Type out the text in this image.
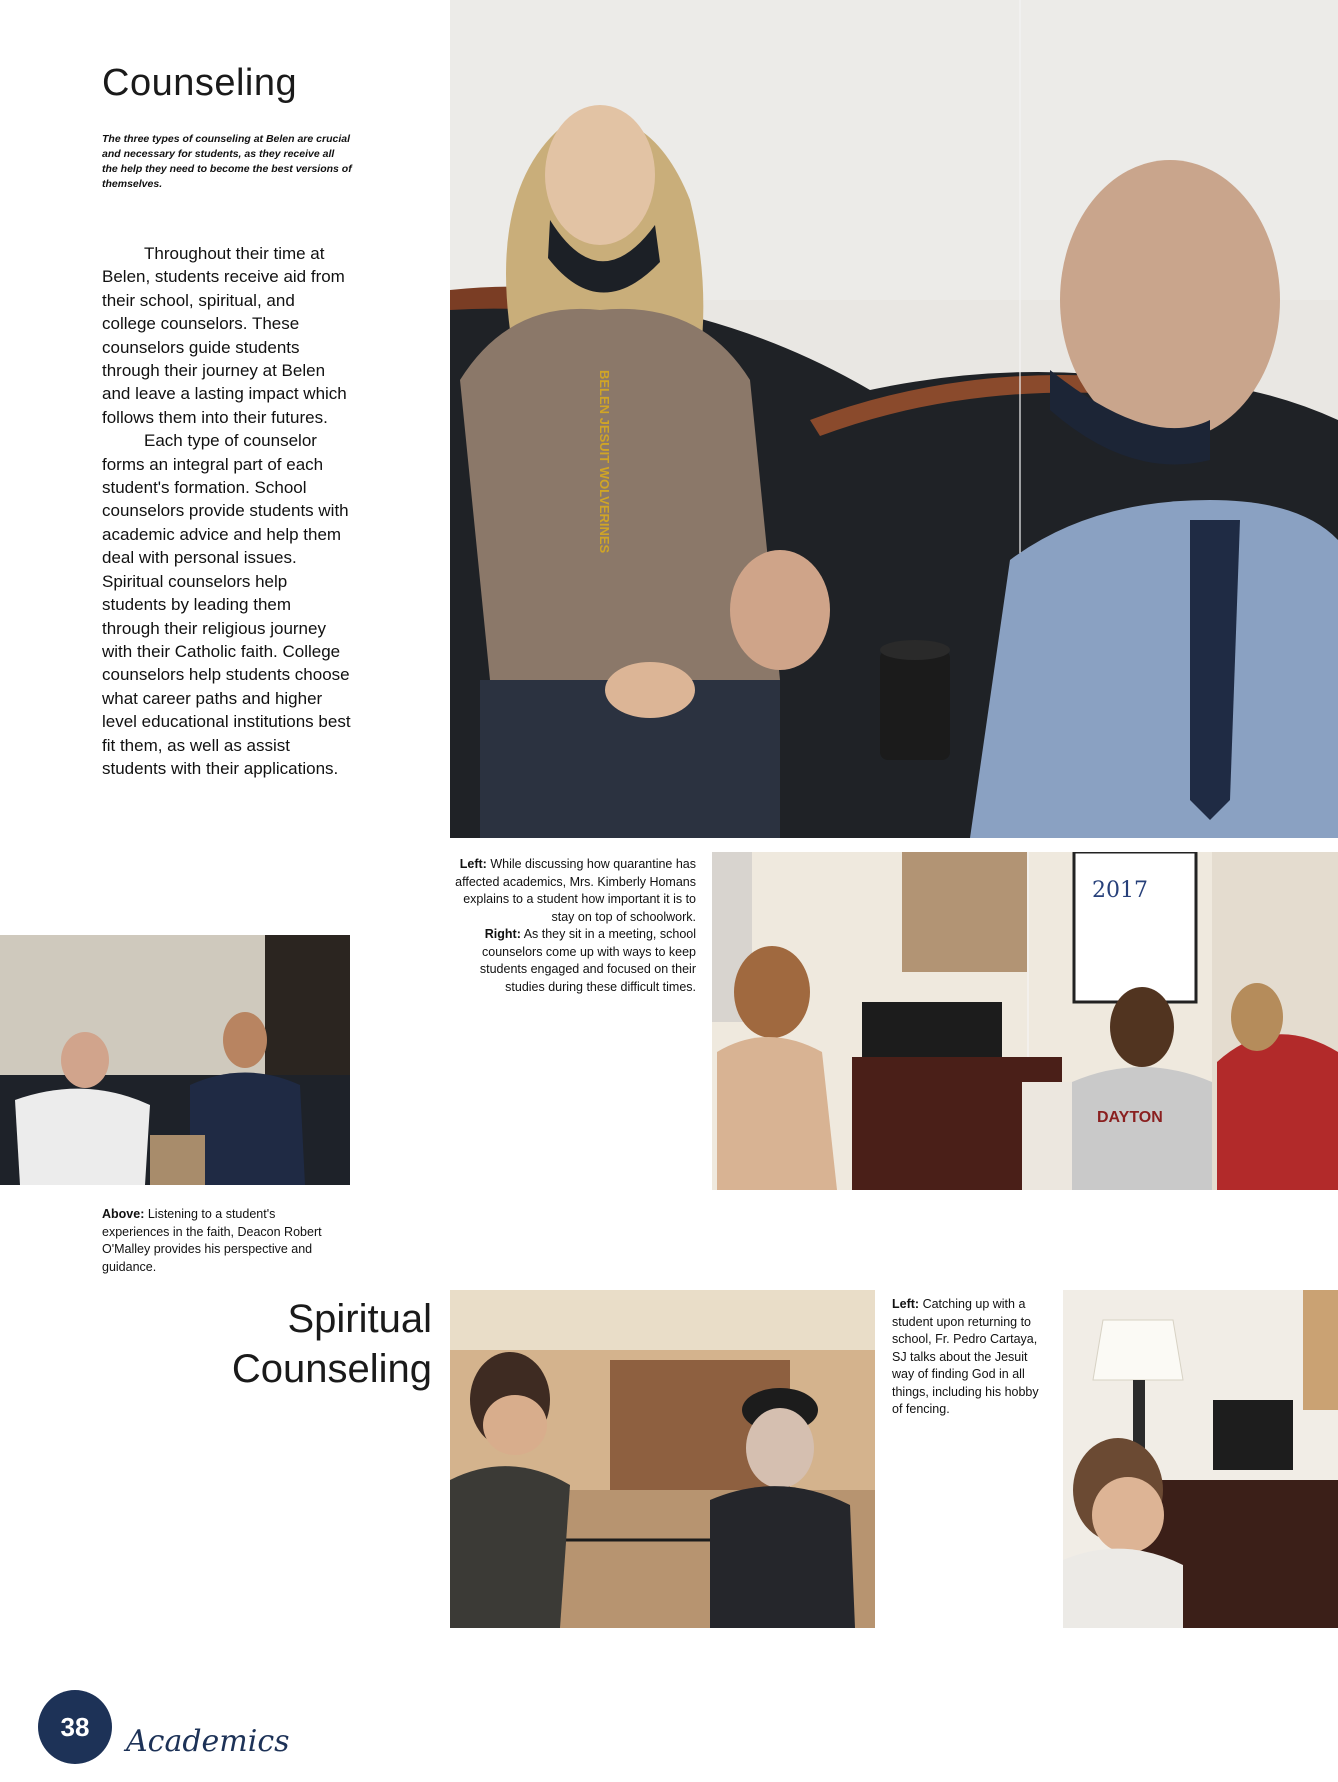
Counseling
The three types of counseling at Belen are crucial and necessary for students, as they receive all the help they need to become the best versions of themselves.

Throughout their time at Belen, students receive aid from their school, spiritual, and college counselors. These counselors guide students through their journey at Belen and leave a lasting impact which follows them into their futures.

Each type of counselor forms an integral part of each student's formation. School counselors provide students with academic advice and help them deal with personal issues. Spiritual counselors help students by leading them through their religious journey with their Catholic faith. College counselors help students choose what career paths and higher level educational institutions best fit them, as well as assist students with their applications.

BELEN JESUIT WOLVERINES
Left: While discussing how quarantine has affected academics, Mrs. Kimberly Homans explains to a student how important it is to stay on top of schoolwork.
Right: As they sit in a meeting, school counselors come up with ways to keep students engaged and focused on their studies during these difficult times.
2017
DAYTON
Above: Listening to a student's experiences in the faith, Deacon Robert O'Malley provides his perspective and guidance.
Spiritual
Counseling
Left: Catching up with a student upon returning to school, Fr. Pedro Cartaya, SJ talks about the Jesuit way of finding God in all things, including his hobby of fencing.
38	Academics
